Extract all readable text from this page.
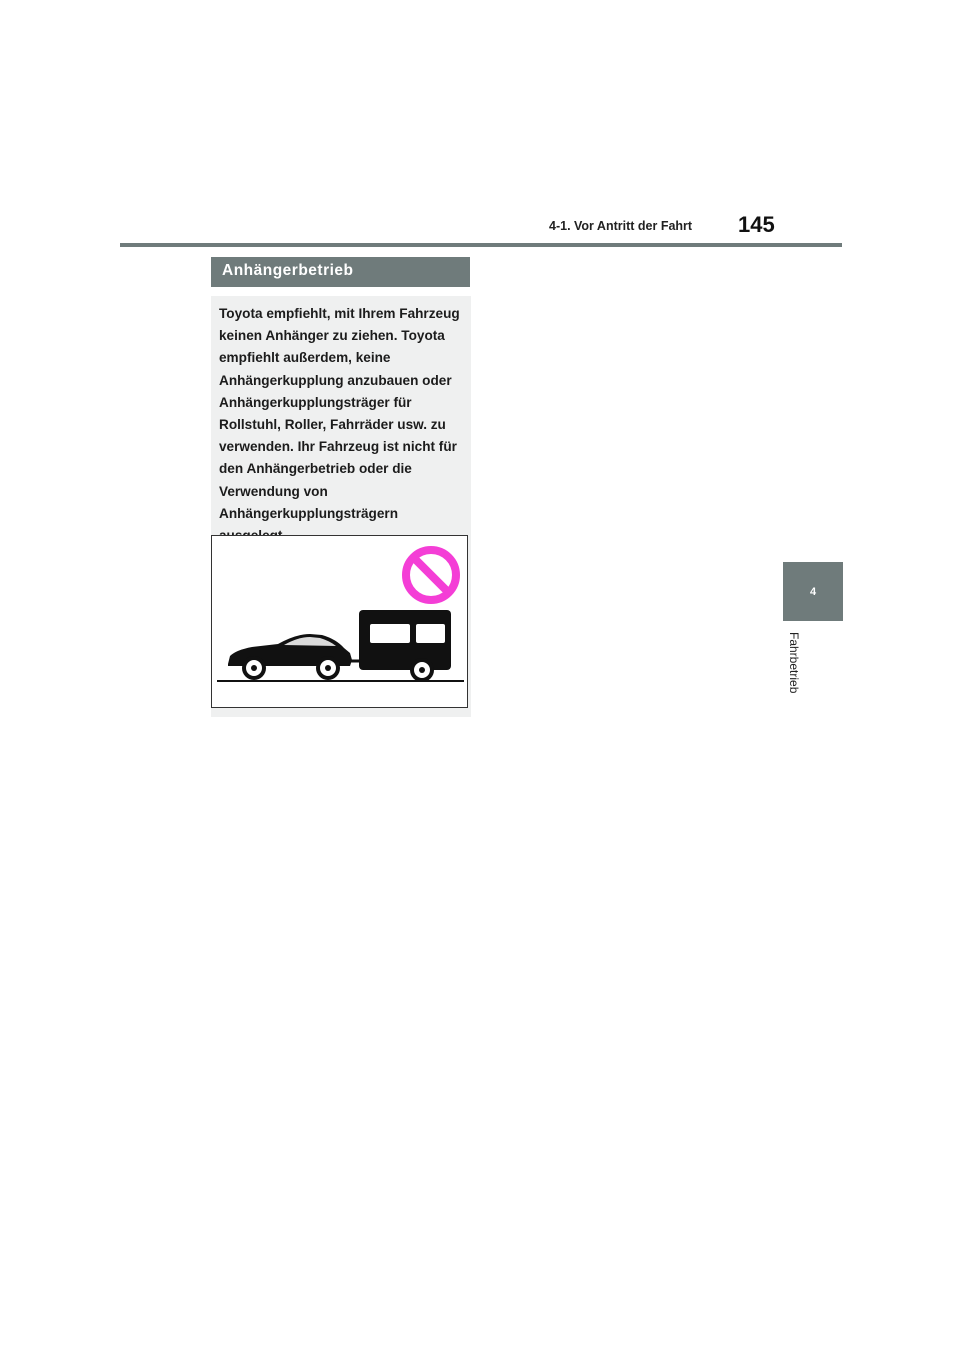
4-1. Vor Antritt der Fahrt 145
4
Fahrbetrieb
Anhängerbetrieb
Toyota empfiehlt, mit Ihrem Fahrzeug keinen Anhänger zu ziehen. Toyota empfiehlt außerdem, keine Anhängerkupplung anzubauen oder Anhängerkupplungsträger für Rollstuhl, Roller, Fahrräder usw. zu verwenden. Ihr Fahrzeug ist nicht für den Anhängerbetrieb oder die Verwendung von Anhängerkupplungsträgern
